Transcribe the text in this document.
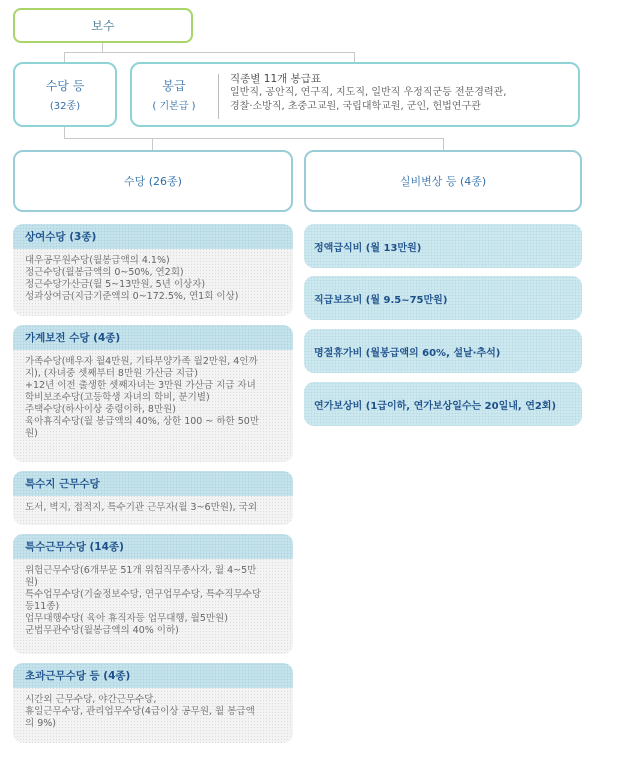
보수
수당 등
(32종)
봉급
( 기본급 )
직종별 11개 봉급표
일반직, 공안직, 연구직, 지도직, 일반직 우정직군등 전문경력관,
경찰·소방직, 초중고교원, 국립대학교원, 군인, 헌법연구관
수당 (26종)	실비변상 등 (4종)
상여수당 (3종)
대우공무원수당(월봉급액의 4.1%)
정근수당(월봉급액의 0~50%, 연2회)
정근수당가산금(월 5~13만원, 5년 이상자)
성과상여금(지급기준액의 0~172.5%, 연1회 이상)
가계보전 수당 (4종)
가족수당(배우자 월4만원, 기타부양가족 월2만원, 4인까
지), (자녀중 셋째부터 8만원 가산금 지급)
+12년 이전 출생한 셋째자녀는 3만원 가산금 지급 자녀
학비보조수당(고등학생 자녀의 학비, 분기별)
주택수당(하사이상 중령이하, 8만원)
육아휴직수당(월 봉급액의 40%, 상한 100 ~ 하한 50만
원)
특수지 근무수당
도서, 벽지, 접적지, 특수기관 근무자(월 3~6만원), 국외
특수근무수당 (14종)
위험근무수당(6개부문 51개 위험직무종사자, 월 4~5만
원)
특수업무수당(기술정보수당, 연구업무수당, 특수직무수당
등11종)
업무대행수당( 육아 휴직자등 업무대행, 월5만원)
군법무관수당(월봉급액의 40% 이하)
초과근무수당 등 (4종)
시간외 근무수당, 야간근무수당,
휴일근무수당, 관리업무수당(4급이상 공무원, 월 봉급액
의 9%)
정액급식비 (월 13만원)
직급보조비 (월 9.5~75만원)
명절휴가비 (월봉급액의 60%, 설날·추석)
연가보상비 (1급이하, 연가보상일수는 20일내, 연2회)
